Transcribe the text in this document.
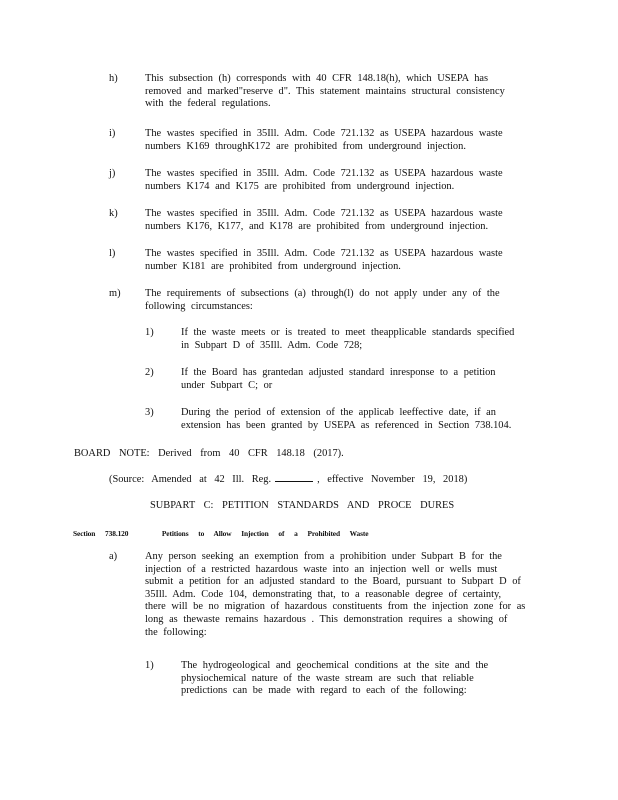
h)	This subsection (h) corresponds with 40 CFR 148.18(h), which USEPA has
removed and marked"reserve d". This statement maintains structural consistency
with the federal regulations.
i)	The wastes specified in 35Ill. Adm. Code 721.132 as USEPA hazardous waste
numbers K169 throughK172 are prohibited from underground injection.
j)	The wastes specified in 35Ill. Adm. Code 721.132 as USEPA hazardous waste
numbers K174 and K175 are prohibited from underground injection.
k)	The wastes specified in 35Ill. Adm. Code 721.132 as USEPA hazardous waste
numbers K176, K177, and K178 are prohibited from underground injection.
l)	The wastes specified in 35Ill. Adm. Code 721.132 as USEPA hazardous waste
number K181 are prohibited from underground injection.
m) The requirements of subsections (a) through(l) do not apply under any of the
following circumstances:
1)	If the waste meets or is treated to meet theapplicable standards specified
in Subpart D of 35Ill. Adm. Code 728;
2)	If the Board has grantedan adjusted standard inresponse to a petition
under Subpart C; or
3)	During the period of extension of the applicab leeffective date, if an
extension has been granted by USEPA as referenced in Section 738.104.
BOARD NOTE: Derived from 40 CFR 148.18 (2017).
(Source: Amended at 42 Ill. Reg.	, effective November 19, 2018)
SUBPART C: PETITION STANDARDS AND PROCE DURES
Section 738.120	Petitions to Allow Injection of a Prohibited Waste
a)	Any person seeking an exemption from a prohibition under Subpart B for the
injection of a restricted hazardous waste into an injection well or wells must
submit a petition for an adjusted standard to the Board, pursuant to Subpart D of
35Ill. Adm. Code 104, demonstrating that, to a reasonable degree of certainty,
there will be no migration of hazardous constituents from the injection zone for as
long as thewaste remains hazardous . This demonstration requires a showing of
the following:
1)	The hydrogeological and geochemical conditions at the site and the
physiochemical nature of the waste stream are such that reliable
predictions can be made with regard to each of the following:
